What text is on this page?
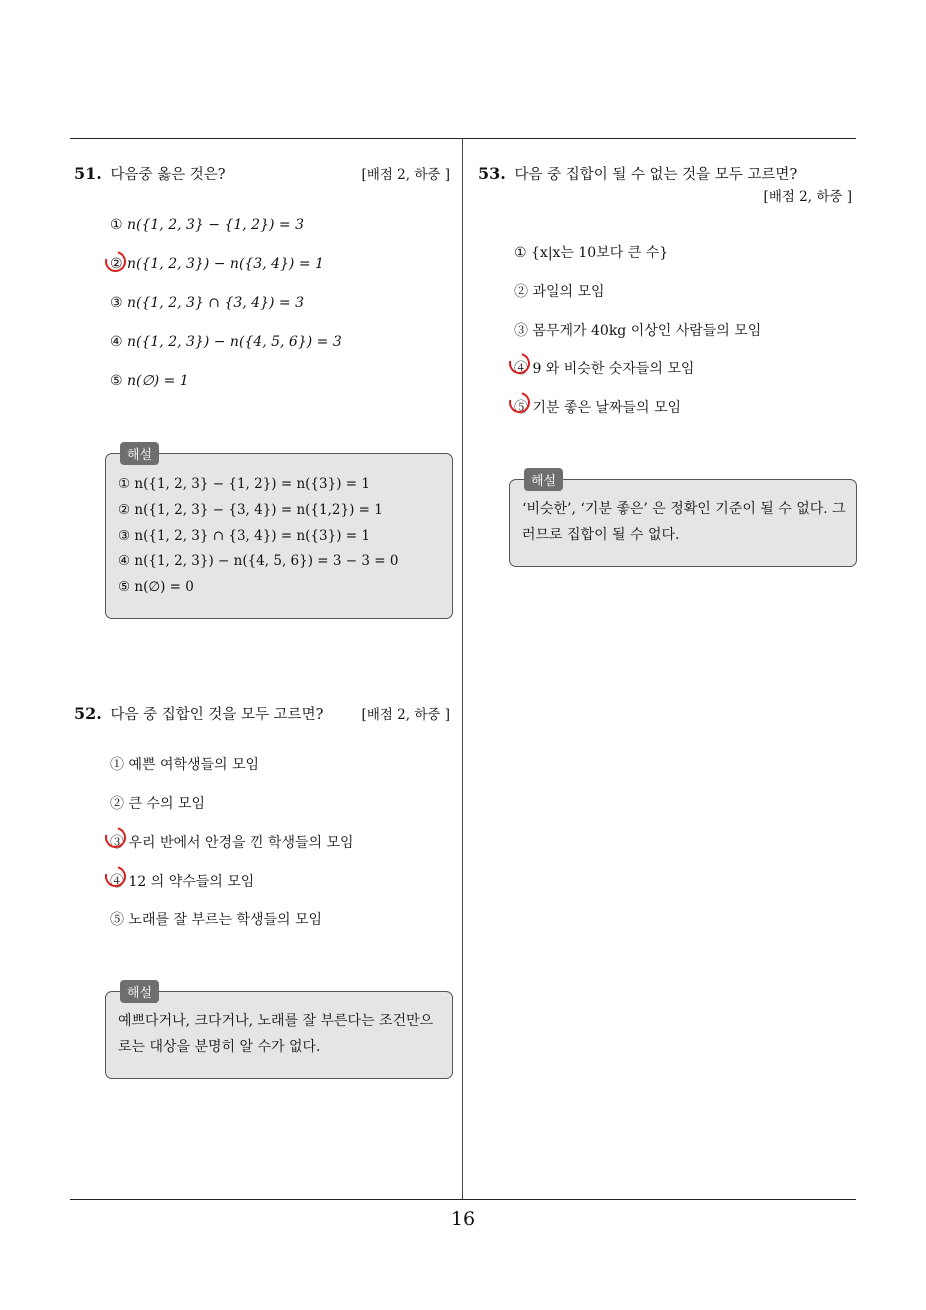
51. 다음중 옳은 것은?	[배점 2, 하중 ]
① n({1, 2, 3} − {1, 2}) = 3
② n({1, 2, 3}) − n({3, 4}) = 1
③ n({1, 2, 3} ∩ {3, 4}) = 3
④ n({1, 2, 3}) − n({4, 5, 6}) = 3
⑤ n(∅) = 1
해설
① n({1, 2, 3} − {1, 2}) = n({3}) = 1
② n({1, 2, 3} − {3, 4}) = n({1,2}) = 1
③ n({1, 2, 3} ∩ {3, 4}) = n({3}) = 1
④ n({1, 2, 3}) − n({4, 5, 6}) = 3 − 3 = 0
⑤ n(∅) = 0
52. 다음 중 집합인 것을 모두 고르면?	[배점 2, 하중 ]
① 예쁜 여학생들의 모임
② 큰 수의 모임
③ 우리 반에서 안경을 낀 학생들의 모임
④ 12 의 약수들의 모임
⑤ 노래를 잘 부르는 학생들의 모임
해설
예쁘다거나, 크다거나, 노래를 잘 부른다는 조건만으로는 대상을 분명히 알 수가 없다.
53. 다음 중 집합이 될 수 없는 것을 모두 고르면?
[배점 2, 하중 ]
① {x|x는 10보다 큰 수}
② 과일의 모임
③ 몸무게가 40kg 이상인 사람들의 모임
④ 9 와 비슷한 숫자들의 모임
⑤ 기분 좋은 날짜들의 모임
해설
‘비슷한’, ‘기분 좋은’ 은 정확인 기준이 될 수 없다. 그러므로 집합이 될 수 없다.
16
